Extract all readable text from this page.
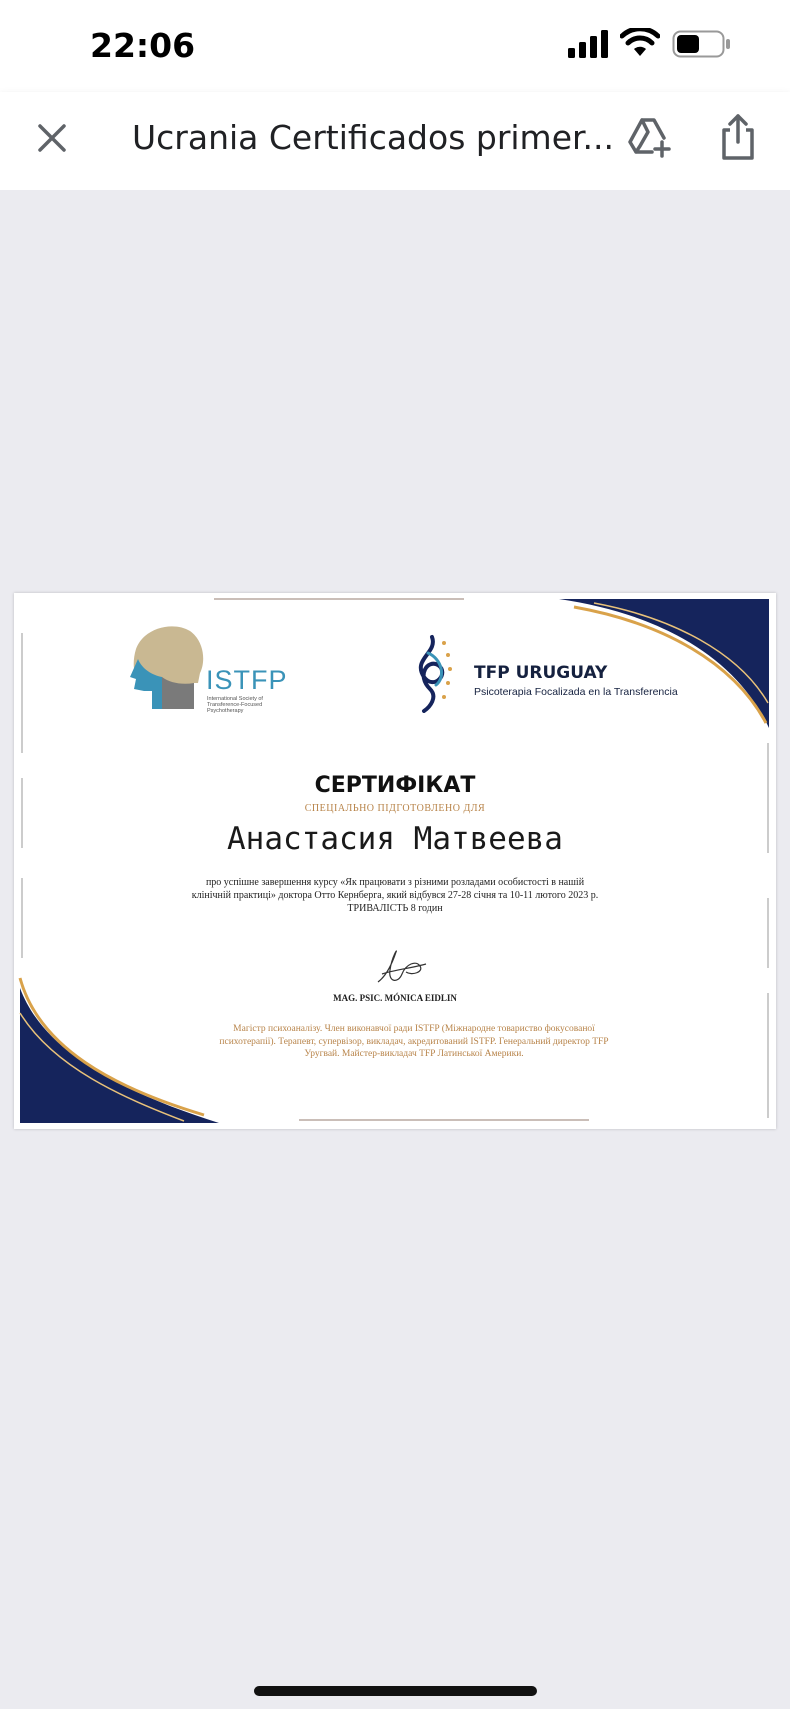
22:06
Ucrania Certificados primer...
ISTFP
International Society of Transference-Focused Psychotherapy
TFP URUGUAY
Psicoterapia Focalizada en la Transferencia
СЕРТИФІКАТ
СПЕЦІАЛЬНО ПІДГОТОВЛЕНО ДЛЯ
Анастасия Матвеева
про успішне завершення курсу «Як працювати з різними розладами особистості в нашій
клінічній практиці» доктора Отто Кернберга, який відбувся 27-28 січня та 10-11 лютого 2023 р.
ТРИВАЛІСТЬ 8 годин
MAG. PSIC. MÓNICA EIDLIN
Магістр психоаналізу. Член виконавчої ради ISTFP (Міжнародне товариство фокусованої
психотерапії). Терапевт, супервізор, викладач, акредитований ISTFP. Генеральний директор TFP
Уругвай. Майстер-викладач TFP Латинської Америки.
